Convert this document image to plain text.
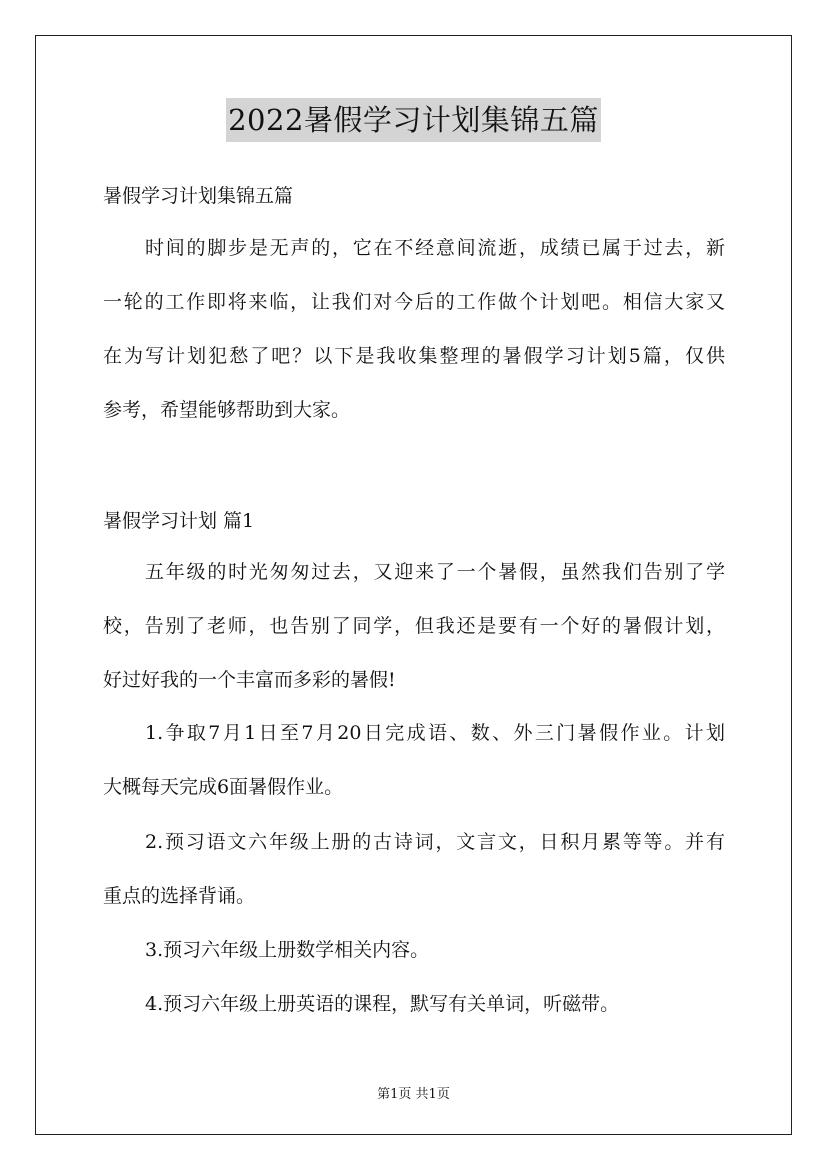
2022暑假学习计划集锦五篇
暑假学习计划集锦五篇
时间的脚步是无声的，它在不经意间流逝，成绩已属于过去，新
一轮的工作即将来临，让我们对今后的工作做个计划吧。相信大家又
在为写计划犯愁了吧？以下是我收集整理的暑假学习计划5篇，仅供
参考，希望能够帮助到大家。
暑假学习计划 篇1
五年级的时光匆匆过去，又迎来了一个暑假，虽然我们告别了学
校，告别了老师，也告别了同学，但我还是要有一个好的暑假计划，
好过好我的一个丰富而多彩的暑假!
1.争取7月1日至7月20日完成语、数、外三门暑假作业。计划
大概每天完成6面暑假作业。
2.预习语文六年级上册的古诗词，文言文，日积月累等等。并有
重点的选择背诵。
3.预习六年级上册数学相关内容。
4.预习六年级上册英语的课程，默写有关单词，听磁带。
第1页 共1页
